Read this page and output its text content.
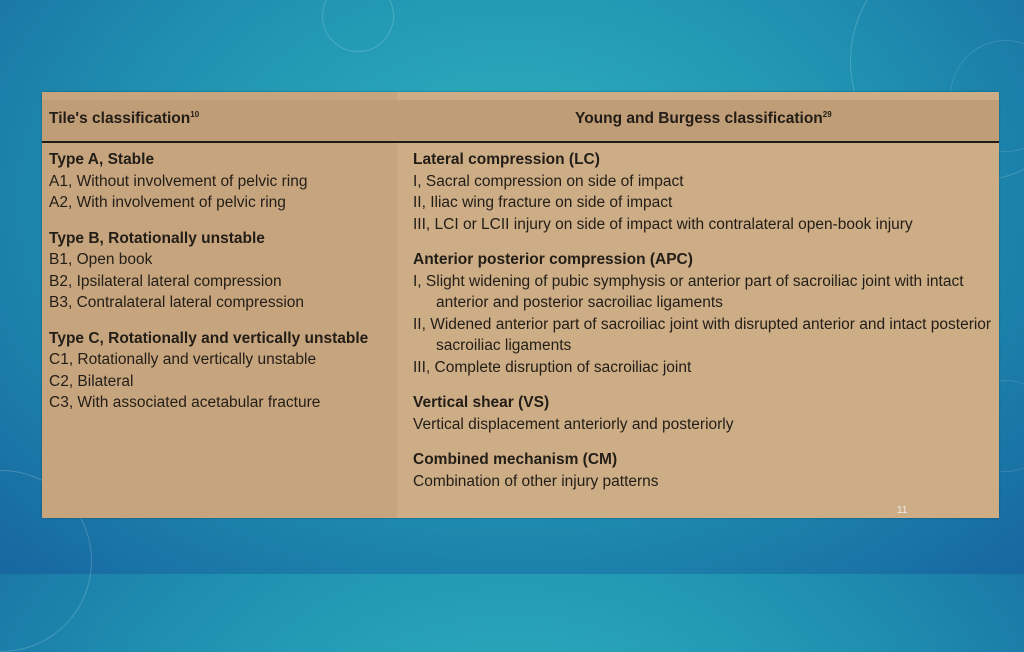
Tile's classification$^{10}$
Type A, Stable
A1, Without involvement of pelvic ring
A2, With involvement of pelvic ring
Type B, Rotationally unstable
B1, Open book
B2, Ipsilateral lateral compression
B3, Contralateral lateral compression
Type C, Rotationally and vertically unstable
C1, Rotationally and vertically unstable
C2, Bilateral
C3, With associated acetabular fracture
Young and Burgess classification$^{29}$
Lateral compression (LC)
I, Sacral compression on side of impact
II, Iliac wing fracture on side of impact
III, LCI or LCII injury on side of impact with contralateral open-book injury
Anterior posterior compression (APC)
I, Slight widening of pubic symphysis or anterior part of sacroiliac joint with intact
anterior and posterior sacroiliac ligaments
II, Widened anterior part of sacroiliac joint with disrupted anterior and intact posterior
sacroiliac ligaments
III, Complete disruption of sacroiliac joint
Vertical shear (VS)
Vertical displacement anteriorly and posteriorly
Combined mechanism (CM)
Combination of other injury patterns
11
